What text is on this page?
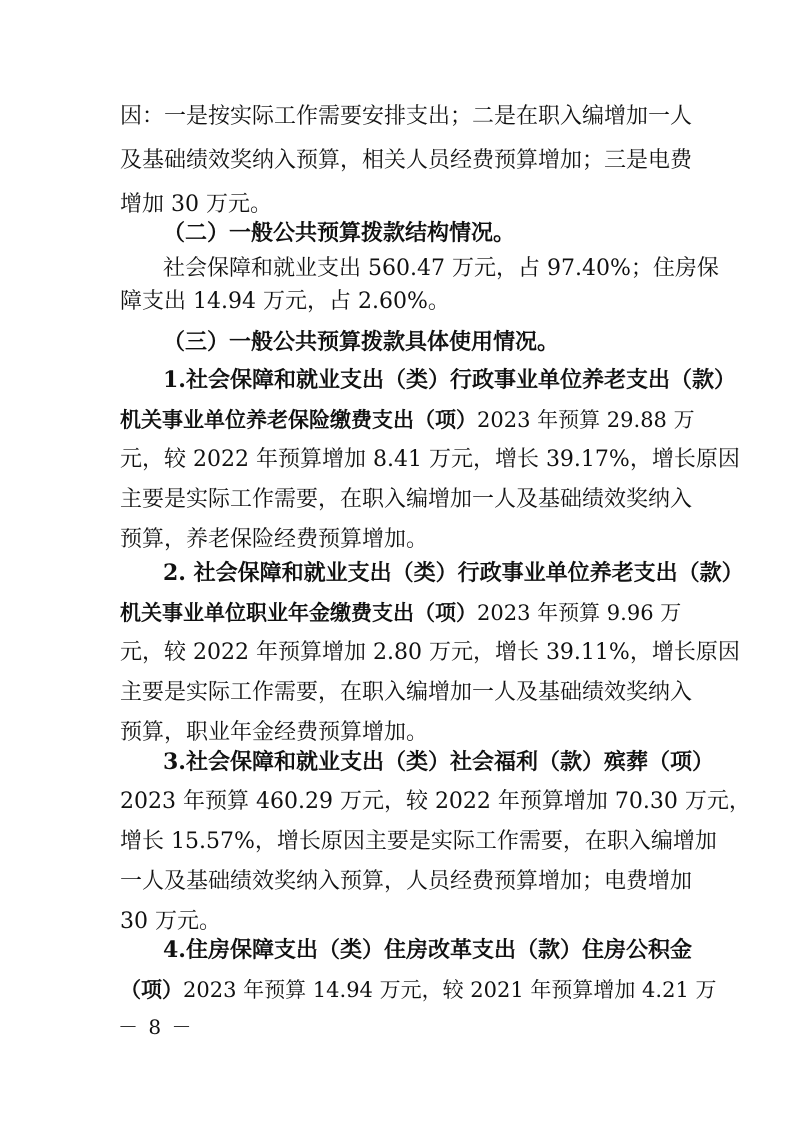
因：一是按实际工作需要安排支出；二是在职入编增加一人
及基础绩效奖纳入预算，相关人员经费预算增加；三是电费
增加 30 万元。
（二）一般公共预算拨款结构情况。
社会保障和就业支出 560.47 万元，占 97.40%；住房保
障支出 14.94 万元，占 2.60%。
（三）一般公共预算拨款具体使用情况。
1.社会保障和就业支出（类）行政事业单位养老支出（款）
机关事业单位养老保险缴费支出（项）2023 年预算 29.88 万
元，较 2022 年预算增加 8.41 万元，增长 39.17%，增长原因
主要是实际工作需要，在职入编增加一人及基础绩效奖纳入
预算，养老保险经费预算增加。
2. 社会保障和就业支出（类）行政事业单位养老支出（款）
机关事业单位职业年金缴费支出（项）2023 年预算 9.96 万
元，较 2022 年预算增加 2.80 万元，增长 39.11%，增长原因
主要是实际工作需要，在职入编增加一人及基础绩效奖纳入
预算，职业年金经费预算增加。
3.社会保障和就业支出（类）社会福利（款）殡葬（项）
2023 年预算 460.29 万元，较 2022 年预算增加 70.30 万元，
增长 15.57%，增长原因主要是实际工作需要，在职入编增加
一人及基础绩效奖纳入预算，人员经费预算增加；电费增加
30 万元。
4.住房保障支出（类）住房改革支出（款）住房公积金
（项）2023 年预算 14.94 万元，较 2021 年预算增加 4.21 万
－ 8 －
